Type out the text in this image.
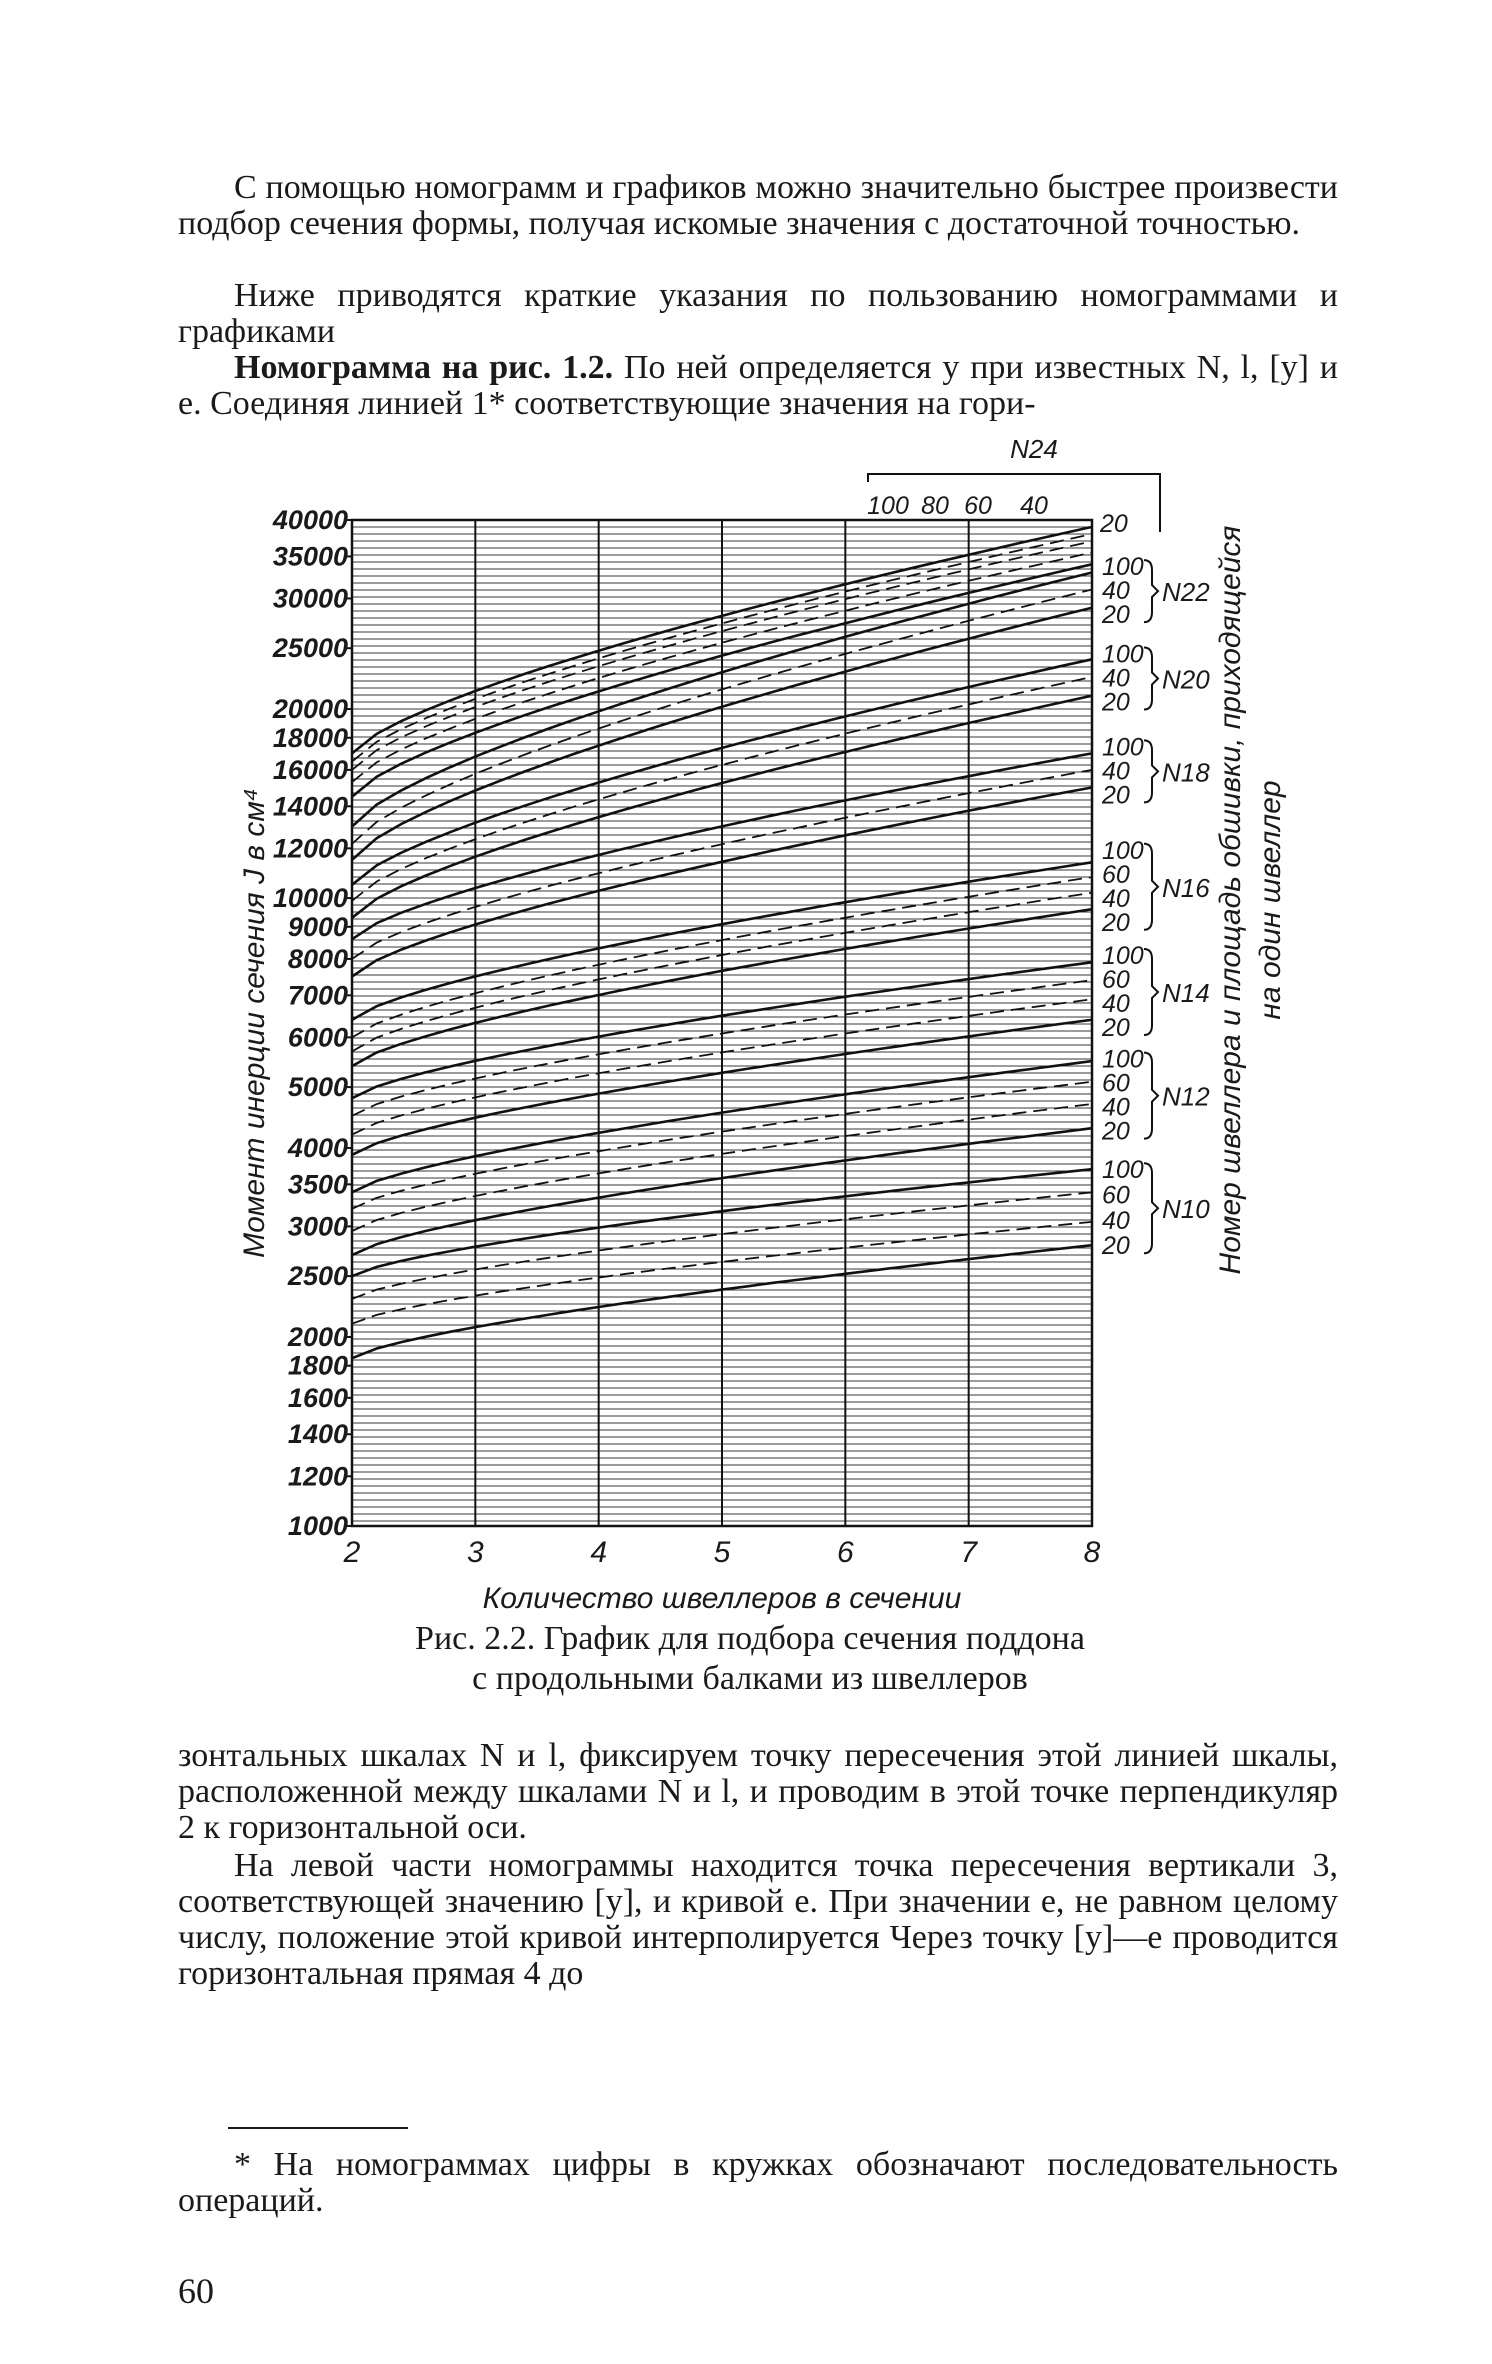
С помощью номограмм и графиков можно значительно быстрее произвести подбор сечения формы, получая искомые значения с достаточной точностью.
Ниже приводятся краткие указания по пользованию номограммами и графиками
Номограмма на рис. 1.2. По ней определяется y при известных N, l, [y] и e. Соединяя линией 1* соответствующие значения на гори-
40000
35000
30000
25000
20000
18000
16000
14000
12000
10000
9000
8000
7000
6000
5000
4000
3500
3000
2500
2000
1800
1600
1400
1200
1000
2	3	4	5	6	7	8
Количество швеллеров в сечении
Момент инерции сечения J в см⁴	Номер швеллера и площадь обшивки, приходящейся на один швеллер
100
60
40
20
N10
100
60
40
20
N12
100
60
40
20
N14
100
60
40
20
N16
100
40
20
N18
100
40
20
N20
100
40
20
N22
100 80 60 40
20
N24
Рис. 2.2. График для подбора сечения поддона
с продольными балками из швеллеров
зонтальных шкалах N и l, фиксируем точку пересечения этой линией шкалы, расположенной между шкалами N и l, и проводим в этой точке перпендикуляр 2 к горизонтальной оси.
На левой части номограммы находится точка пересечения вертикали 3, соответствующей значению [y], и кривой e. При значении e, не равном целому числу, положение этой кривой интерполируется Через точку [y]—e проводится горизонтальная прямая 4 до
* На номограммах цифры в кружках обозначают последовательность операций.
60
